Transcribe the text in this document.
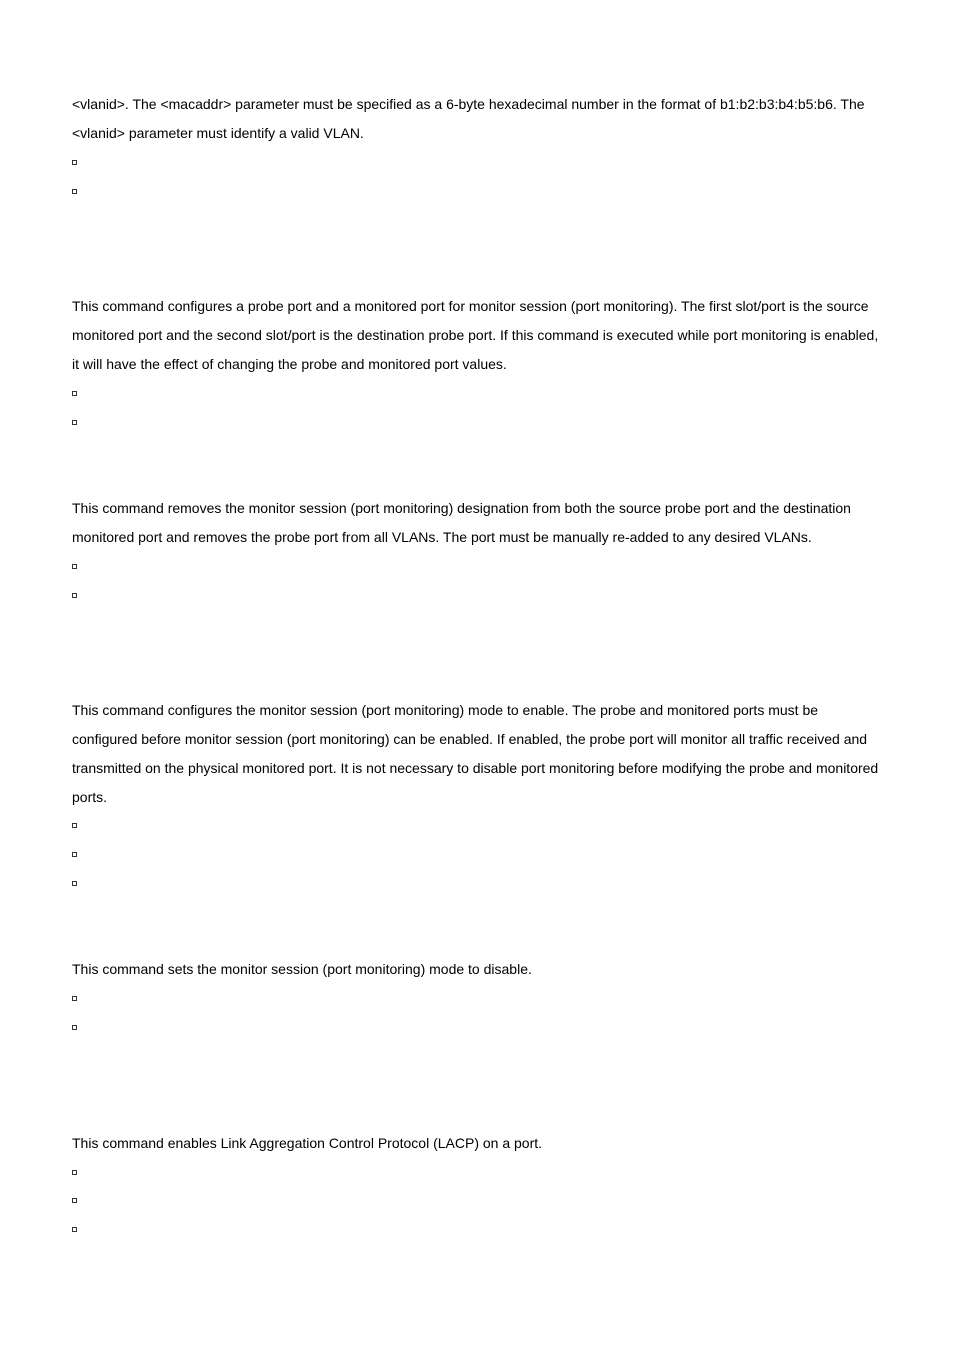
<vlanid>. The <macaddr> parameter must be specified as a 6-byte hexadecimal number in the format of b1:b2:b3:b4:b5:b6. The <vlanid> parameter must identify a valid VLAN.

This command configures a probe port and a monitored port for monitor session (port monitoring). The first slot/port is the source monitored port and the second slot/port is the destination probe port. If this command is executed while port monitoring is enabled, it will have the effect of changing the probe and monitored port values.

This command removes the monitor session (port monitoring) designation from both the source probe port and the destination monitored port and removes the probe port from all VLANs. The port must be manually re-added to any desired VLANs.

This command configures the monitor session (port monitoring) mode to enable. The probe and monitored ports must be configured before monitor session (port monitoring) can be enabled. If enabled, the probe port will monitor all traffic received and transmitted on the physical monitored port. It is not necessary to disable port monitoring before modifying the probe and monitored ports.

This command sets the monitor session (port monitoring) mode to disable.

This command enables Link Aggregation Control Protocol (LACP) on a port.
